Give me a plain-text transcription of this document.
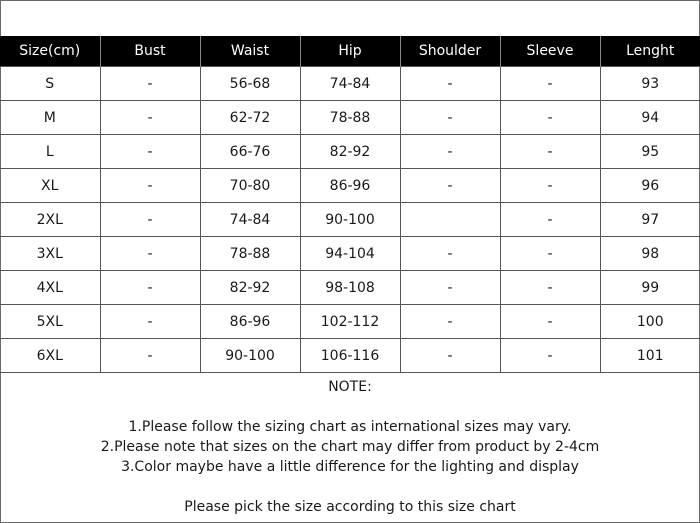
Size(cm)	Bust	Waist	Hip	Shoulder	Sleeve	Lenght
S	-	56-68	74-84	-	-	93
M	-	62-72	78-88	-	-	94
L	-	66-76	82-92	-	-	95
XL	-	70-80	86-96	-	-	96
2XL	-	74-84	90-100		-	97
3XL	-	78-88	94-104	-	-	98
4XL	-	82-92	98-108	-	-	99
5XL	-	86-96	102-112	-	-	100
6XL	-	90-100	106-116	-	-	101
NOTE:
1.Please follow the sizing chart as international sizes may vary.
2.Please note that sizes on the chart may differ from product by 2-4cm
3.Color maybe have a little difference for the lighting and display
Please pick the size according to this size chart
